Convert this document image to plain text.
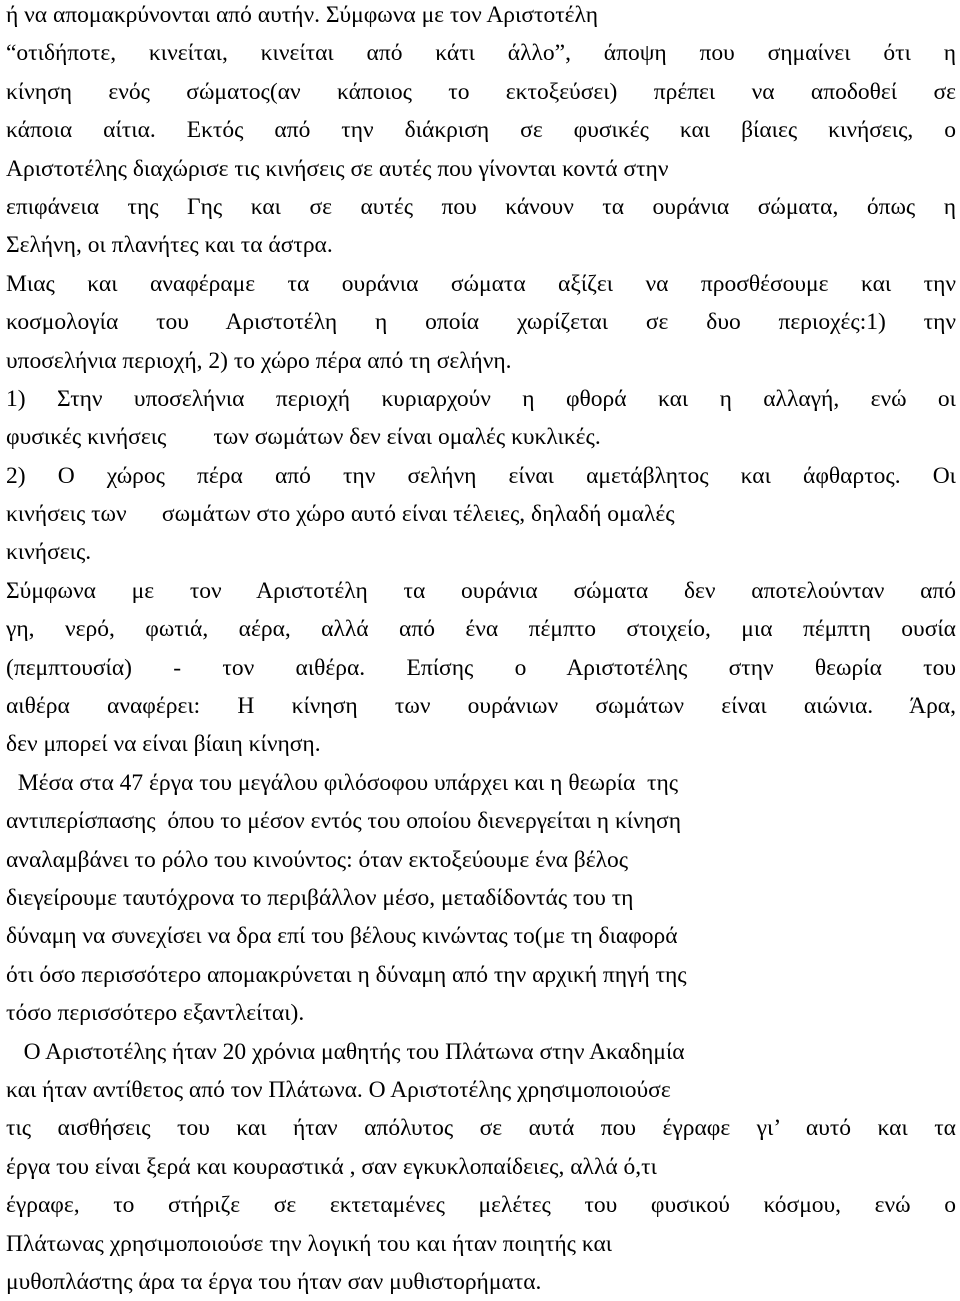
ή να απομακρύνονται από αυτήν. Σύμφωνα με τον Αριστοτέλη
“οτιδήποτε, κινείται, κινείται από κάτι άλλο”, άποψη που σημαίνει ότι η
κίνηση ενός σώματος(αν κάποιος το εκτοξεύσει) πρέπει να αποδοθεί σε
κάποια αίτια. Εκτός από την διάκριση σε φυσικές και βίαιες κινήσεις, ο
Αριστοτέλης διαχώρισε τις κινήσεις σε αυτές που γίνονται κοντά στην
επιφάνεια της Γης και σε αυτές που κάνουν τα ουράνια σώματα, όπως η
Σελήνη, οι πλανήτες και τα άστρα.
Μιας και αναφέραμε τα ουράνια σώματα αξίζει να προσθέσουμε και την
κοσμολογία του Αριστοτέλη η οποία χωρίζεται σε δυο περιοχές:1) την
υποσελήνια περιοχή, 2) το χώρο πέρα από τη σελήνη.
1) Στην υποσελήνια περιοχή κυριαρχούν η φθορά και η αλλαγή, ενώ οι
φυσικές κινήσεις        των σωμάτων δεν είναι ομαλές κυκλικές.
2) Ο χώρος πέρα από την σελήνη είναι αμετάβλητος και άφθαρτος. Οι
κινήσεις των      σωμάτων στο χώρο αυτό είναι τέλειες, δηλαδή ομαλές
κινήσεις.
Σύμφωνα με τον Αριστοτέλη τα ουράνια σώματα δεν αποτελούνταν από
γη, νερό, φωτιά, αέρα, αλλά από ένα πέμπτο στοιχείο, μια πέμπτη ουσία
(πεμπτουσία) - τον αιθέρα. Επίσης ο Αριστοτέλης στην θεωρία του
αιθέρα αναφέρει: Η κίνηση των ουράνιων σωμάτων είναι αιώνια. Άρα,
δεν μπορεί να είναι βίαιη κίνηση.
Μέσα στα 47 έργα του μεγάλου φιλόσοφου υπάρχει και η θεωρία  της
αντιπερίσπασης  όπου το μέσον εντός του οποίου διενεργείται η κίνηση
αναλαμβάνει το ρόλο του κινούντος: όταν εκτοξεύουμε ένα βέλος
διεγείρουμε ταυτόχρονα το περιβάλλον μέσο, μεταδίδοντάς του τη
δύναμη να συνεχίσει να δρα επί του βέλους κινώντας το(με τη διαφορά
ότι όσο περισσότερο απομακρύνεται η δύναμη από την αρχική πηγή της
τόσο περισσότερο εξαντλείται).
Ο Αριστοτέλης ήταν 20 χρόνια μαθητής του Πλάτωνα στην Ακαδημία
και ήταν αντίθετος από τον Πλάτωνα. Ο Αριστοτέλης χρησιμοποιούσε
τις αισθήσεις του και ήταν απόλυτος σε αυτά που έγραφε γι’ αυτό και τα
έργα του είναι ξερά και κουραστικά , σαν εγκυκλοπαίδειες, αλλά ό,τι
έγραφε, το στήριζε σε εκτεταμένες μελέτες του φυσικού κόσμου, ενώ ο
Πλάτωνας χρησιμοποιούσε την λογική του και ήταν ποιητής και
μυθοπλάστης άρα τα έργα του ήταν σαν μυθιστορήματα.
